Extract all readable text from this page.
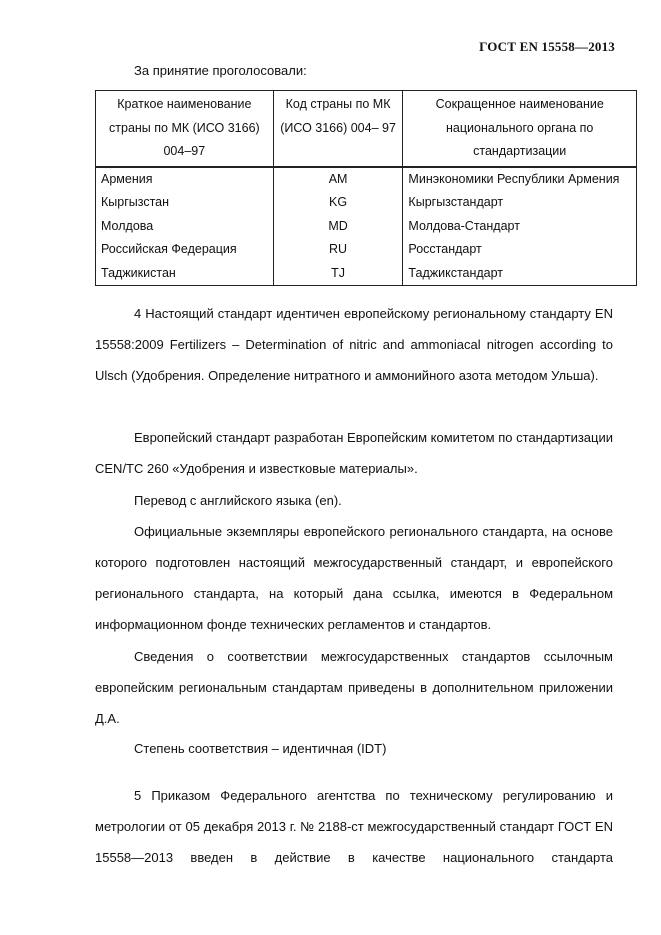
ГОСТ EN 15558—2013
За принятие проголосовали:
Краткое наименование страны по МК (ИСО 3166) 004–97	Код страны по МК (ИСО 3166) 004– 97	Сокращенное наименование национального органа по стандартизации
Армения	AM	Минэкономики Республики Армения
Кыргызстан	KG	Кыргызстандарт
Молдова	MD	Молдова-Стандарт
Российская Федерация	RU	Росстандарт
Таджикистан	TJ	Таджикстандарт

4 Настоящий стандарт идентичен европейскому региональному стандарту EN 15558:2009 Fertilizers – Determination of nitric and ammoniacal nitrogen according to Ulsch (Удобрения. Определение нитратного и аммонийного азота методом Ульша).

Европейский стандарт разработан Европейским комитетом по стандартизации CEN/TC 260 «Удобрения и известковые материалы».

Перевод с английского языка (en).

Официальные экземпляры европейского регионального стандарта, на основе которого подготовлен настоящий межгосударственный стандарт, и европейского регионального стандарта, на который дана ссылка, имеются в Федеральном информационном фонде технических регламентов и стандартов.

Сведения о соответствии межгосударственных стандартов ссылочным европейским региональным стандартам приведены в дополнительном приложении Д.А.

Степень соответствия – идентичная (IDT)

5 Приказом Федерального агентства по техническому регулированию и метрологии от 05 декабря 2013 г. № 2188-ст межгосударственный стандарт ГОСТ EN 15558—2013 введен в действие в качестве национального стандарта
